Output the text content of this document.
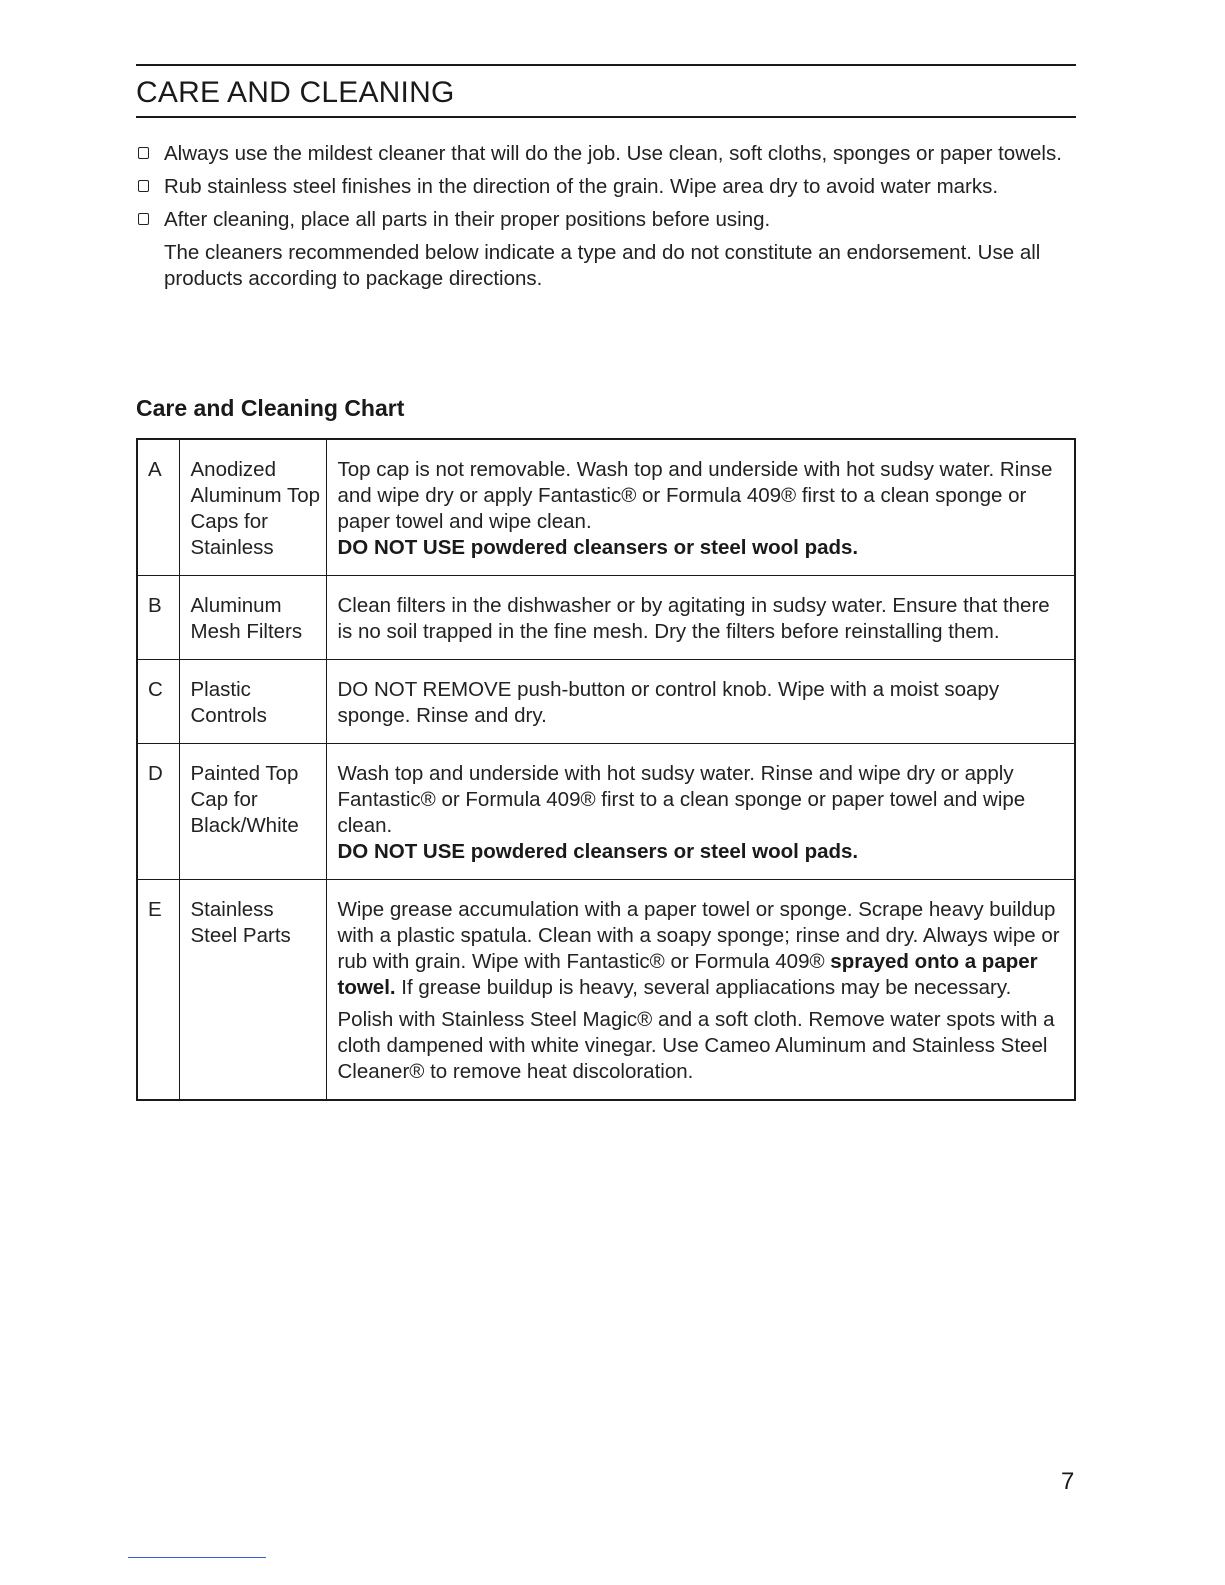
CARE AND CLEANING
Always use the mildest cleaner that will do the job. Use clean, soft cloths, sponges or paper towels.
Rub stainless steel finishes in the direction of the grain. Wipe area dry to avoid water marks.
After cleaning, place all parts in their proper positions before using.
The cleaners recommended below indicate a type and do not constitute an endorsement. Use all products according to package directions.
Care and Cleaning Chart
A	Anodized Aluminum Top Caps for Stainless	Top cap is not removable. Wash top and underside with hot sudsy water. Rinse and wipe dry or apply Fantastic® or Formula 409® first to a clean sponge or paper towel and wipe clean.
DO NOT USE powdered cleansers or steel wool pads.

B	Aluminum Mesh Filters	Clean filters in the dishwasher or by agitating in sudsy water. Ensure that there is no soil trapped in the fine mesh. Dry the filters before reinstalling them.

C	Plastic Controls	DO NOT REMOVE push-button or control knob. Wipe with a moist soapy sponge. Rinse and dry.

D	Painted Top Cap for Black/White	Wash top and underside with hot sudsy water. Rinse and wipe dry or apply Fantastic® or Formula 409® first to a clean sponge or paper towel and wipe clean.
DO NOT USE powdered cleansers or steel wool pads.

E	Stainless Steel Parts	Wipe grease accumulation with a paper towel or sponge. Scrape heavy buildup with a plastic spatula. Clean with a soapy sponge; rinse and dry. Always wipe or rub with grain. Wipe with Fantastic® or Formula 409® sprayed onto a paper towel. If grease buildup is heavy, several appliacations may be necessary.

Polish with Stainless Steel Magic® and a soft cloth. Remove water spots with a cloth dampened with white vinegar. Use Cameo Aluminum and Stainless Steel Cleaner® to remove heat discoloration.

7
